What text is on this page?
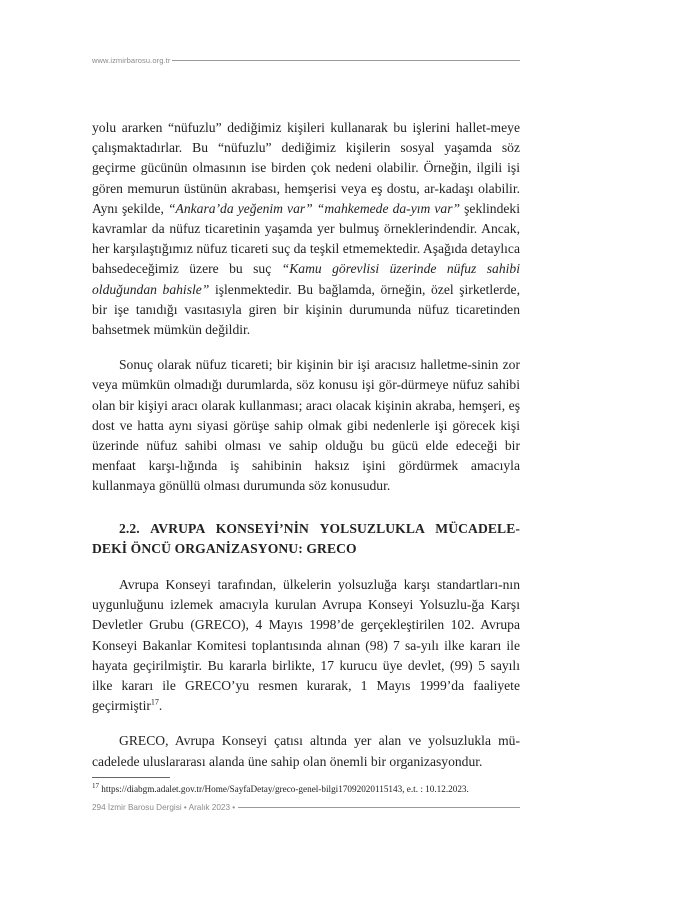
www.izmirbarosu.org.tr

yolu ararken “nüfuzlu” dediğimiz kişileri kullanarak bu işlerini hallet-meye çalışmaktadırlar. Bu “nüfuzlu” dediğimiz kişilerin sosyal yaşamda söz geçirme gücünün olmasının ise birden çok nedeni olabilir. Örneğin, ilgili işi gören memurun üstünün akrabası, hemşerisi veya eş dostu, ar-kadaşı olabilir. Aynı şekilde, “Ankara’da yeğenim var” “mahkemede da-yım var” şeklindeki kavramlar da nüfuz ticaretinin yaşamda yer bulmuş örneklerindendir. Ancak, her karşılaştığımız nüfuz ticareti suç da teşkil etmemektedir. Aşağıda detaylıca bahsedeceğimiz üzere bu suç “Kamu görevlisi üzerinde nüfuz sahibi olduğundan bahisle” işlenmektedir. Bu bağlamda, örneğin, özel şirketlerde, bir işe tanıdığı vasıtasıyla giren bir kişinin durumunda nüfuz ticaretinden bahsetmek mümkün değildir.

Sonuç olarak nüfuz ticareti; bir kişinin bir işi aracısız halletme-sinin zor veya mümkün olmadığı durumlarda, söz konusu işi gör-dürmeye nüfuz sahibi olan bir kişiyi aracı olarak kullanması; aracı olacak kişinin akraba, hemşeri, eş dost ve hatta aynı siyasi görüşe sahip olmak gibi nedenlerle işi görecek kişi üzerinde nüfuz sahibi olması ve sahip olduğu bu gücü elde edeceği bir menfaat karşı-lığında iş sahibinin haksız işini gördürmek amacıyla kullanmaya gönüllü olması durumunda söz konusudur.

2.2. AVRUPA KONSEYİ’NİN YOLSUZLUKLA MÜCADELE-DEKİ ÖNCÜ ORGANİZASYONU: GRECO

Avrupa Konseyi tarafından, ülkelerin yolsuzluğa karşı standartları-nın uygunluğunu izlemek amacıyla kurulan Avrupa Konseyi Yolsuzlu-ğa Karşı Devletler Grubu (GRECO), 4 Mayıs 1998’de gerçekleştirilen 102. Avrupa Konseyi Bakanlar Komitesi toplantısında alınan (98) 7 sa-yılı ilke kararı ile hayata geçirilmiştir. Bu kararla birlikte, 17 kurucu üye devlet, (99) 5 sayılı ilke kararı ile GRECO’yu resmen kurarak, 1 Mayıs 1999’da faaliyete geçirmiştir$^{17}$.

GRECO, Avrupa Konseyi çatısı altında yer alan ve yolsuzlukla mü-cadelede uluslararası alanda üne sahip olan önemli bir organizasyondur.

$^{17}$ https://diabgm.adalet.gov.tr/Home/SayfaDetay/greco-genel-bilgi17092020115143, e.t. : 10.12.2023.
294 İzmir Barosu Dergisi • Aralık 2023 •
